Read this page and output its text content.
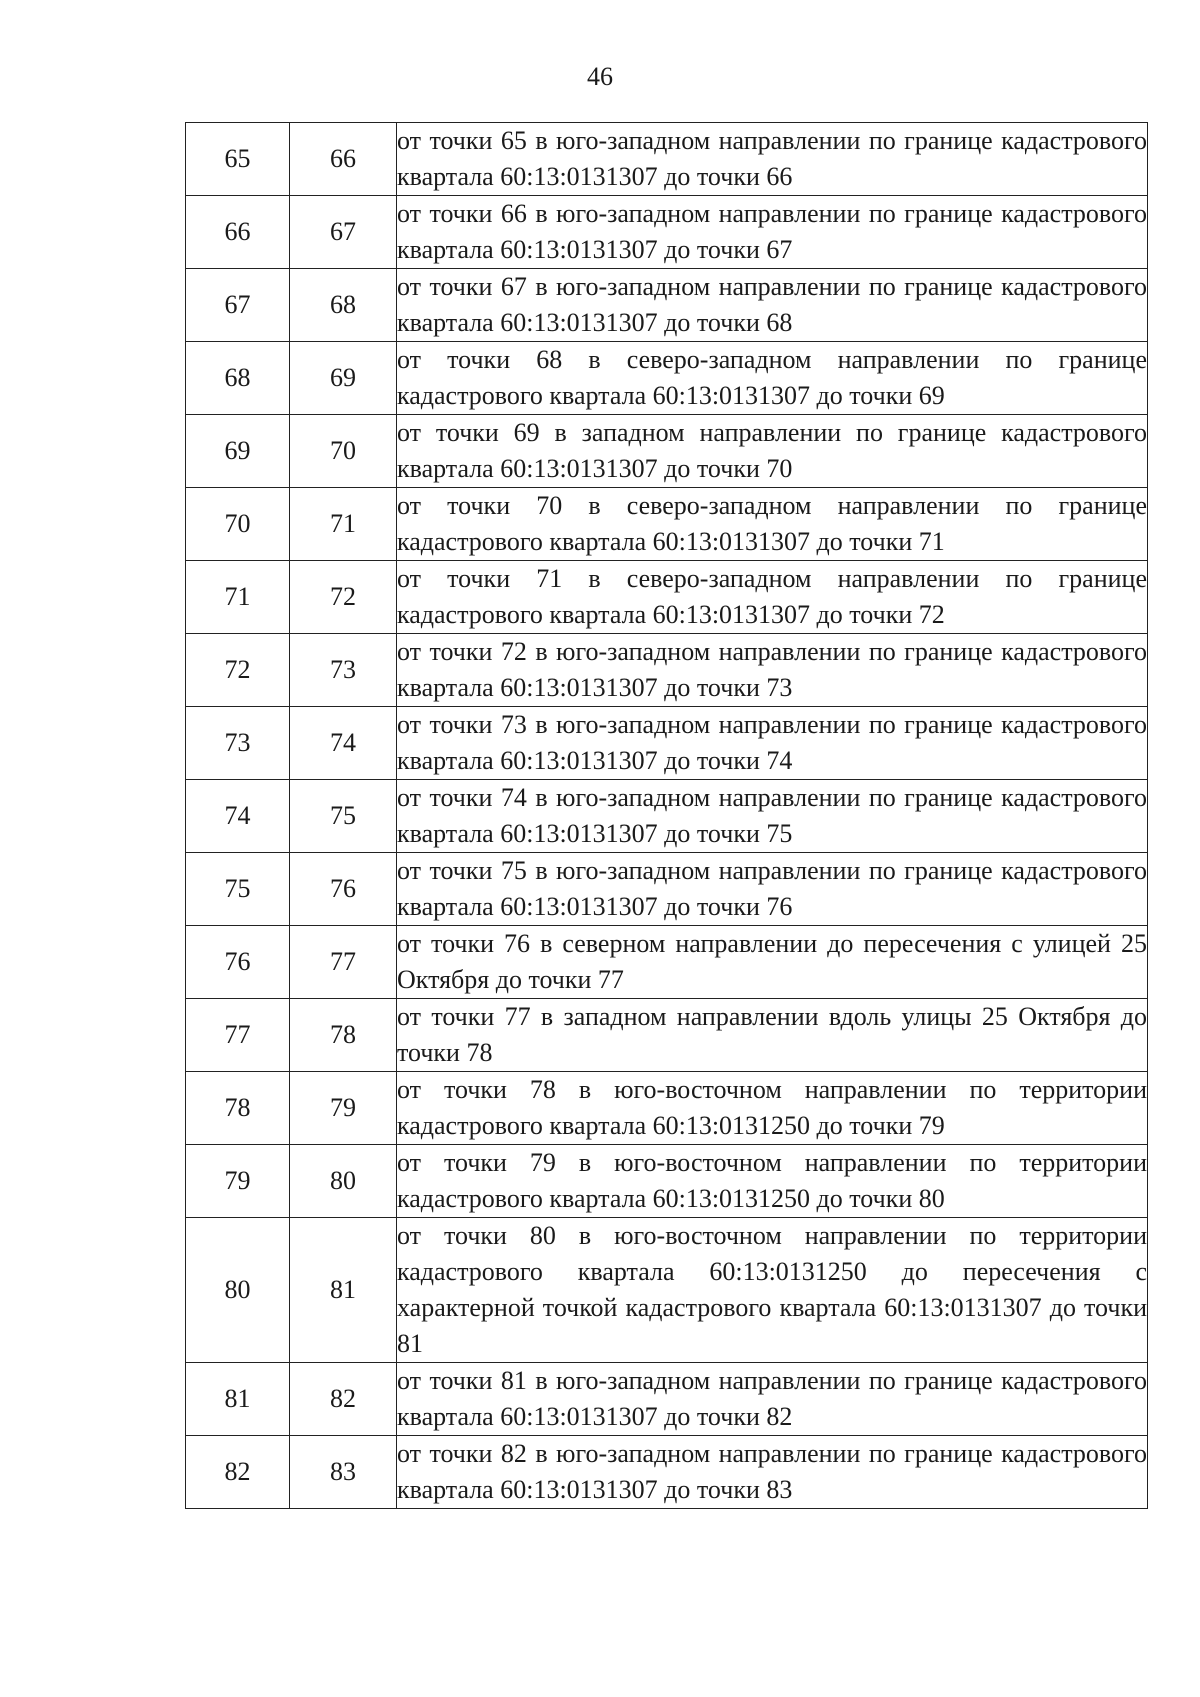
46
65	66	от точки 65 в юго-западном направлении по границе кадастрового квартала 60:13:0131307 до точки 66
66	67	от точки 66 в юго-западном направлении по границе кадастрового квартала 60:13:0131307 до точки 67
67	68	от точки 67 в юго-западном направлении по границе кадастрового квартала 60:13:0131307 до точки 68
68	69	от точки 68 в северо-западном направлении по границе кадастрового квартала 60:13:0131307 до точки 69
69	70	от точки 69 в западном направлении по границе кадастрового квартала 60:13:0131307 до точки 70
70	71	от точки 70 в северо-западном направлении по границе кадастрового квартала 60:13:0131307 до точки 71
71	72	от точки 71 в северо-западном направлении по границе кадастрового квартала 60:13:0131307 до точки 72
72	73	от точки 72 в юго-западном направлении по границе кадастрового квартала 60:13:0131307 до точки 73
73	74	от точки 73 в юго-западном направлении по границе кадастрового квартала 60:13:0131307 до точки 74
74	75	от точки 74 в юго-западном направлении по границе кадастрового квартала 60:13:0131307 до точки 75
75	76	от точки 75 в юго-западном направлении по границе кадастрового квартала 60:13:0131307 до точки 76
76	77	от точки 76 в северном направлении до пересечения с улицей 25 Октября до точки 77
77	78	от точки 77 в западном направлении вдоль улицы 25 Октября до точки 78
78	79	от точки 78 в юго-восточном направлении по территории кадастрового квартала 60:13:0131250 до точки 79
79	80	от точки 79 в юго-восточном направлении по территории кадастрового квартала 60:13:0131250 до точки 80
80	81	от точки 80 в юго-восточном направлении по территории кадастрового квартала 60:13:0131250 до пересечения с характерной точкой кадастрового квартала 60:13:0131307 до точки 81
81	82	от точки 81 в юго-западном направлении по границе кадастрового квартала 60:13:0131307 до точки 82
82	83	от точки 82 в юго-западном направлении по границе кадастрового квартала 60:13:0131307 до точки 83
